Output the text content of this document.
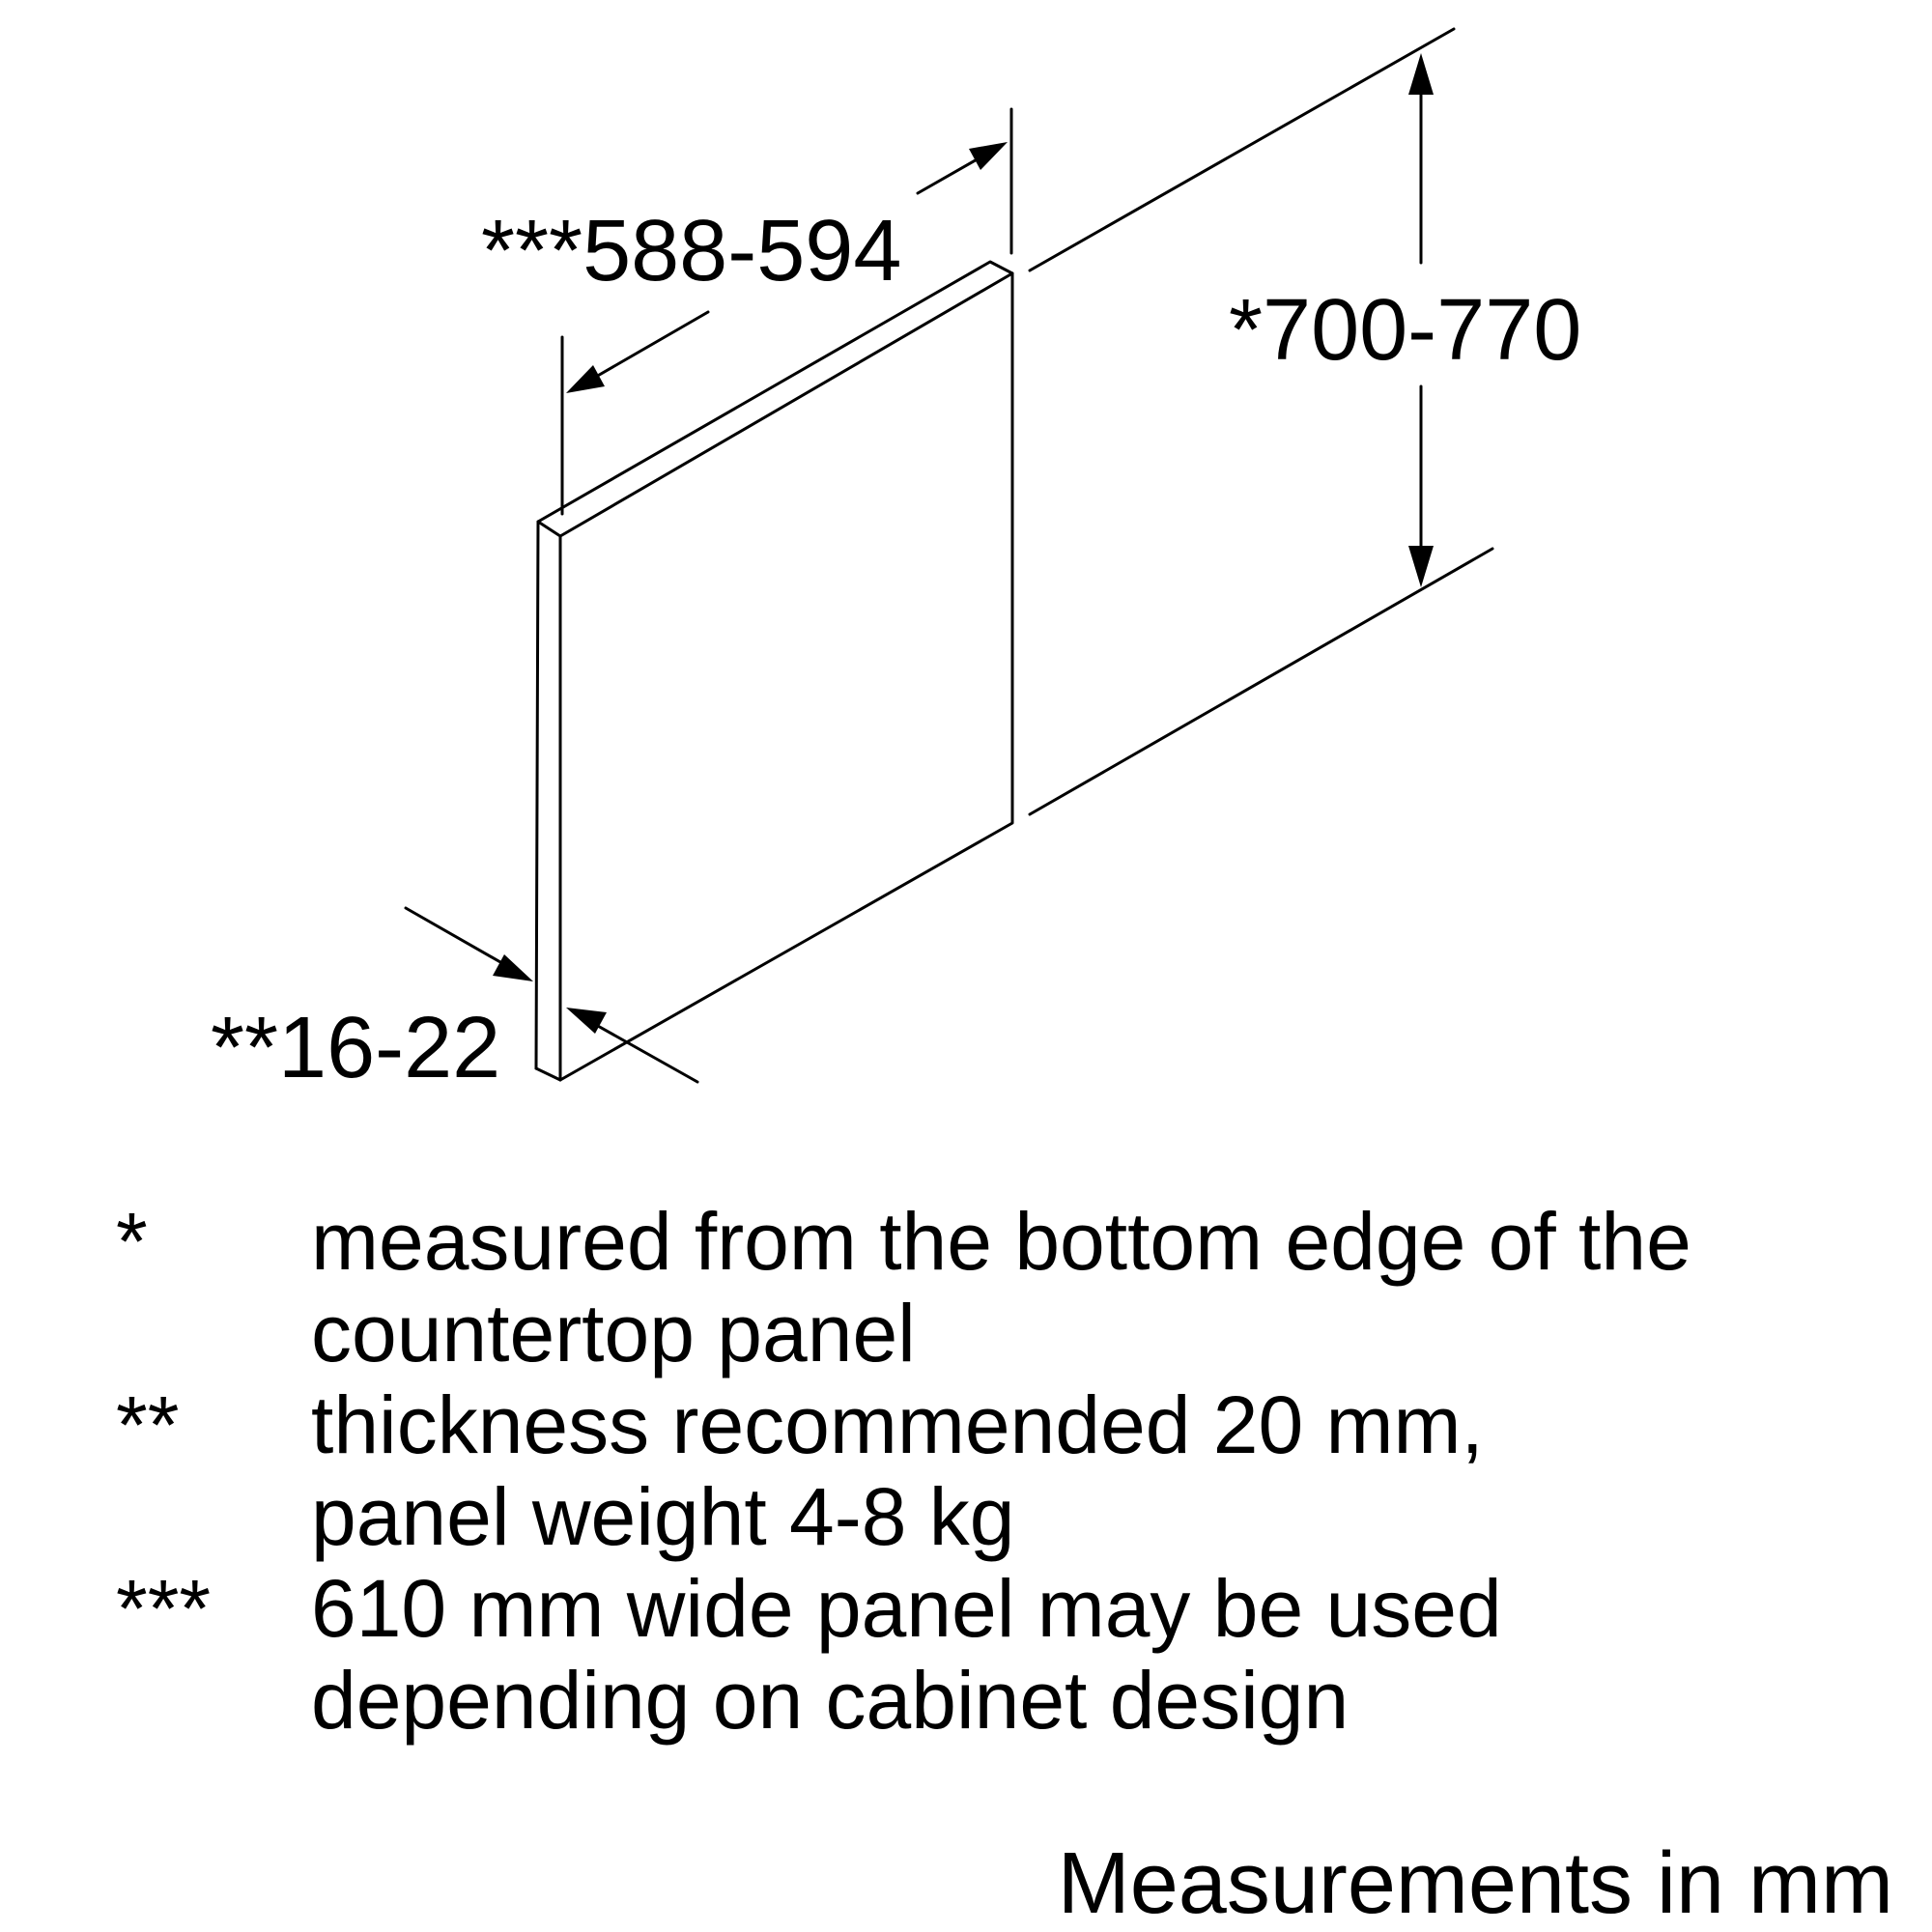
***588-594
*700-770
**16-22
* measured from the bottom edge of the
countertop panel
** thickness recommended 20 mm,
panel weight 4-8 kg
*** 610 mm wide panel may be used
depending on cabinet design
Measurements in mm
